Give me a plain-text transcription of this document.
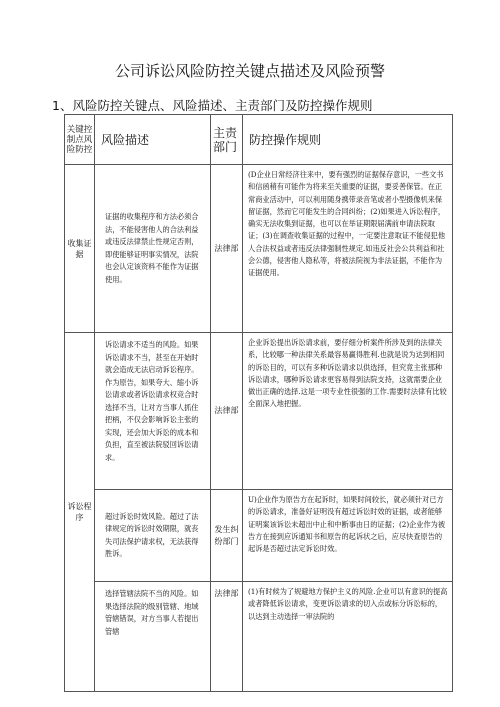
公司诉讼风险防控关键点描述及风险预警
1、风险防控关键点、风险描述、主责部门及防控操作规则
关键控制点风险防控	风险描述	主责部门	防控操作规则
收集证据	证据的收集程序和方法必须合法，不能侵害他人的合法利益或违反法律禁止性规定否则，即使能够证明事实情况，法院也会认定该资料不能作为证据使用。	法律部	(D企业日常经济往来中，要有强烈的证据保存意识，一些文书和信函稍有可能作为将来至关重要的证据，要妥善保管。在正常商业活动中，可以利用随身携带录音笔或者小型摄像机来保留证据，然而它可能发生的合同纠纷；(2)如果进入诉讼程序，确实无法收集到证据，也可以在举证期限届满前申请法院取证；(3)在调查收集证据的过程中，一定要注意取证不能侵犯他人合法权益或者违反法律强制性规定.如违反社会公共利益和社会公德，侵害他人隐私等，将被法院视为非法证据，不能作为证据使用。
诉讼程序	诉讼请求不适当的风险。如果诉讼请求不当，甚至在开始时就会造成无法启动诉讼程序。作为原告，如果夸大、缩小诉讼请求或者诉讼请求权竞合时选择不当，让对方当事人抓住把柄，不仅会影响诉讼主张的实现，还会加大诉讼的成本和负担，直至被法院驳回诉讼请求。	法律部	企业诉讼提出诉讼请求前，要仔细分析案件所涉及到的法律关系，比较哪一种法律关系最容易赢得胜利.也就是说为达到相同的诉讼目的，可以有多种诉讼请求以供选择，但究竟主张那种诉讼请求，哪种诉讼请求更容易得到法院支持，这就需要企业做出正确的选择.这是一项专业性很强的工作.需要时法律有比较全面深入地把握。
	超过诉讼时效风险。超过了法律规定的诉讼时效期限，就丧失司法保护请求权，无法获得胜诉。	发生纠纷部门	U)企业作为原告方在起诉时，如果时间较长，就必须针对已方的诉讼请求，准备好证明没有超过诉讼时效的证据，或者能够证明案该诉讼未超出中止和中断事由日的证据；(2)企业作为被告方在接到应诉通知书和原告的起诉状之后，应尽快查原告的起诉是否超过法定诉讼时效。
	选择管辖法院不当的风险。如果选择法院的级别管辖、地域管辖错误，对方当事人若提出管辖	法律部	(1)有时候为了规避地方保护主义的风险.企业可以有意识的提高或者降低诉讼请求，变更诉讼请求的切入点或标分诉讼标的，以达到主动选择一审法院的
